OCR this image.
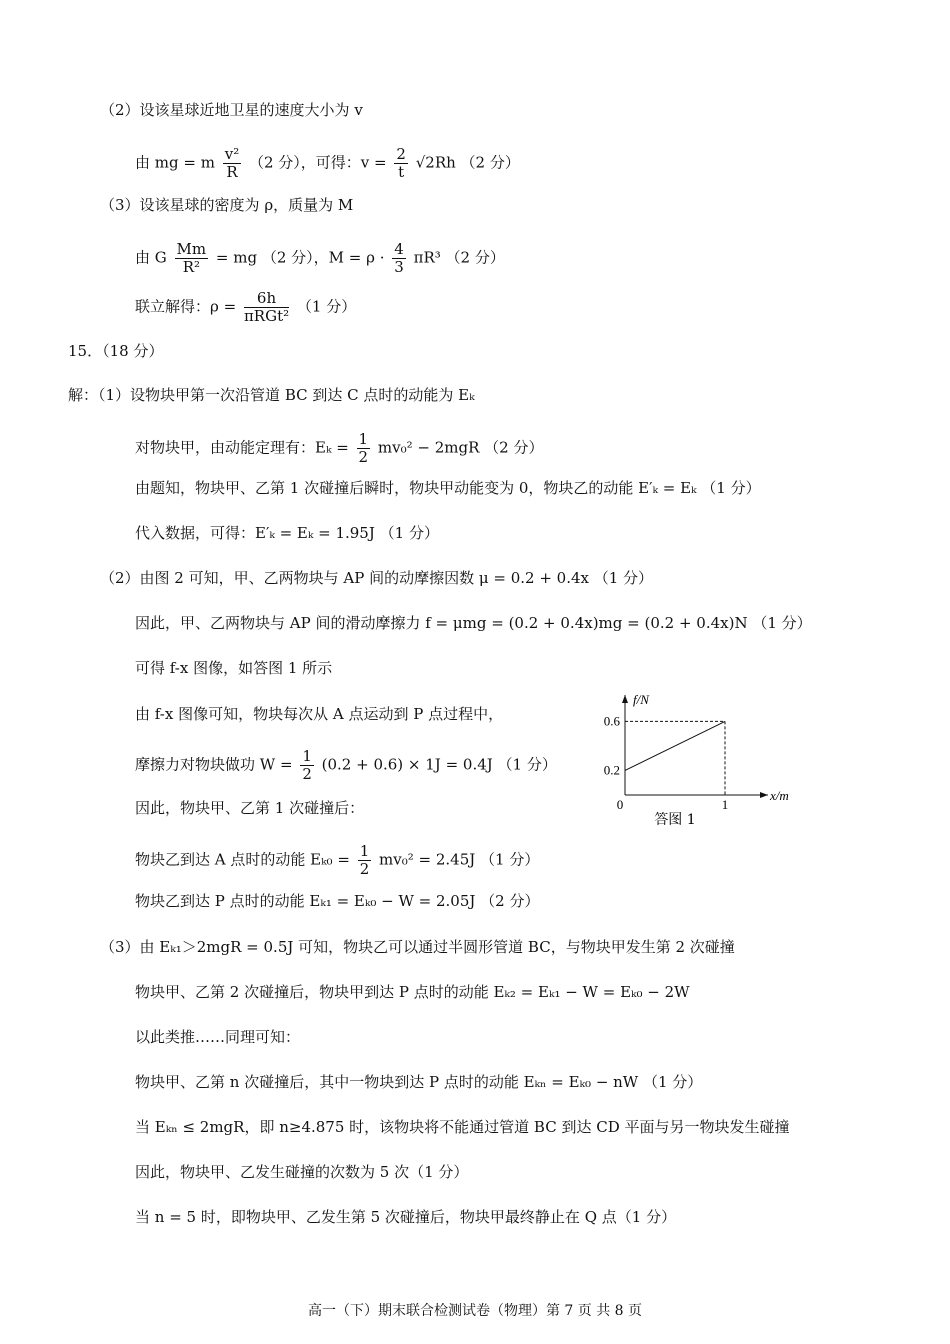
（2）设该星球近地卫星的速度大小为 v
由 mg = m $\frac{\text{v²}}{R} (2$ 分），可得：$v = \frac{2}{t} √2Rh$ （2 分）
（3）设该星球的密度为 ρ，质量为 M
由 G $\frac{Mm}{\text{R²}}$ = mg （2 分），$M = \rho \cdot \frac{4}{3} \pi R^3$ （2 分）
联立解得：$\rho = \frac{6h}{\text{πRGt²}} (1$ 分）
15．（18 分）
解：（1）设物块甲第一次沿管道 BC 到达 C 点时的动能为 Eₖ
对物块甲，由动能定理有：$E_k = \frac{1}{2} mv_0^2 - 2mgR$ （2 分）
由题知，物块甲、乙第 1 次碰撞后瞬时，物块甲动能变为 0，物块乙的动能 E′ₖ = Eₖ （1 分）
代入数据，可得：E′ₖ = Eₖ = 1.95J （1 分）
（2）由图 2 可知，甲、乙两物块与 AP 间的动摩擦因数 μ = 0.2 + 0.4x （1 分）
因此，甲、乙两物块与 AP 间的滑动摩擦力 f = μmg = (0.2 + 0.4x)mg = (0.2 + 0.4x)N （1 分）
可得 f-x 图像，如答图 1 所示
由 f-x 图像可知，物块每次从 A 点运动到 P 点过程中，
摩擦力对物块做功 $W = \frac{1}{2} (0.2 + 0.6) \times 1J = 0.4J$ （1 分）
因此，物块甲、乙第 1 次碰撞后：
物块乙到达 A 点时的动能 $E_{k0} = \frac{1}{2} mv_0^2 = 2.45J$ （1 分）
物块乙到达 P 点时的动能 Eₖ₁ = Eₖ₀ − W = 2.05J （2 分）
（3）由 Eₖ₁＞2mgR = 0.5J 可知，物块乙可以通过半圆形管道 BC，与物块甲发生第 2 次碰撞
物块甲、乙第 2 次碰撞后，物块甲到达 P 点时的动能 Eₖ₂ = Eₖ₁ − W = Eₖ₀ − 2W
以此类推……同理可知：
物块甲、乙第 n 次碰撞后，其中一物块到达 P 点时的动能 Eₖₙ = Eₖ₀ − nW （1 分）
当 Eₖₙ ≤ 2mgR，即 n≥4.875 时，该物块将不能通过管道 BC 到达 CD 平面与另一物块发生碰撞
因此，物块甲、乙发生碰撞的次数为 5 次（1 分）
当 n = 5 时，即物块甲、乙发生第 5 次碰撞后，物块甲最终静止在 Q 点（1 分）
0.6
0.2
0	1
x/m
f/N
答图 1
高一（下）期末联合检测试卷（物理）第 7 页 共 8 页
